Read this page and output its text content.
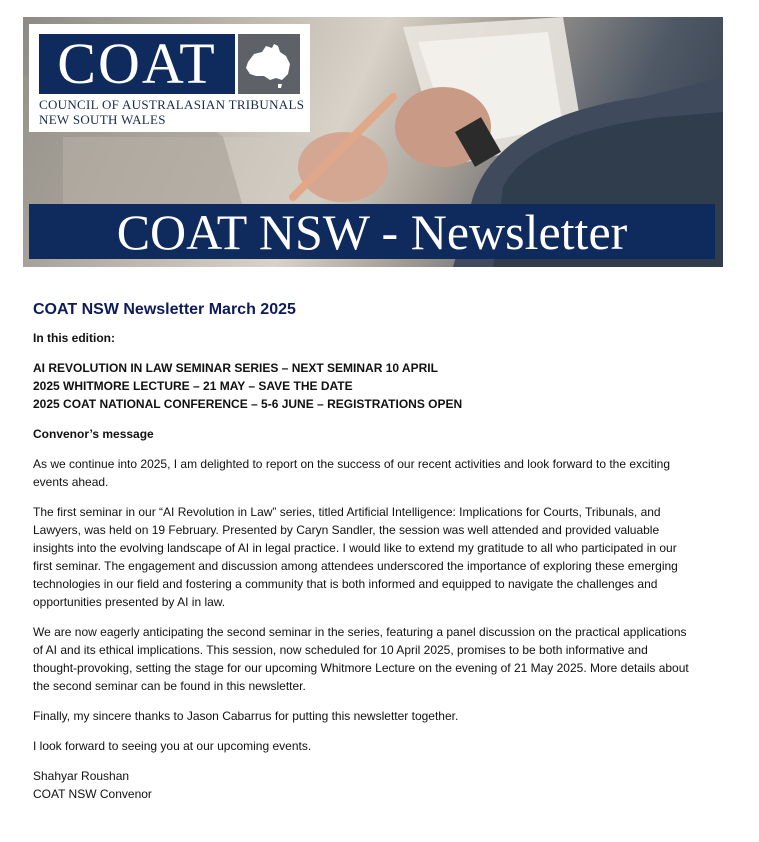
COAT
COUNCIL OF AUSTRALASIAN TRIBUNALS
NEW SOUTH WALES
COAT NSW - Newsletter
COAT NSW Newsletter March 2025

In this edition:

AI REVOLUTION IN LAW SEMINAR SERIES – NEXT SEMINAR 10 APRIL
2025 WHITMORE LECTURE – 21 MAY – SAVE THE DATE
2025 COAT NATIONAL CONFERENCE – 5-6 JUNE – REGISTRATIONS OPEN

Convenor’s message

As we continue into 2025, I am delighted to report on the success of our recent activities and look forward to the exciting events ahead.

The first seminar in our “AI Revolution in Law” series, titled Artificial Intelligence: Implications for Courts, Tribunals, and Lawyers, was held on 19 February. Presented by Caryn Sandler, the session was well attended and provided valuable insights into the evolving landscape of AI in legal practice. I would like to extend my gratitude to all who participated in our first seminar. The engagement and discussion among attendees underscored the importance of exploring these emerging technologies in our field and fostering a community that is both informed and equipped to navigate the challenges and opportunities presented by AI in law.

We are now eagerly anticipating the second seminar in the series, featuring a panel discussion on the practical applications of AI and its ethical implications. This session, now scheduled for 10 April 2025, promises to be both informative and thought-provoking, setting the stage for our upcoming Whitmore Lecture on the evening of 21 May 2025. More details about the second seminar can be found in this newsletter.

Finally, my sincere thanks to Jason Cabarrus for putting this newsletter together.

I look forward to seeing you at our upcoming events.

Shahyar Roushan
COAT NSW Convenor
